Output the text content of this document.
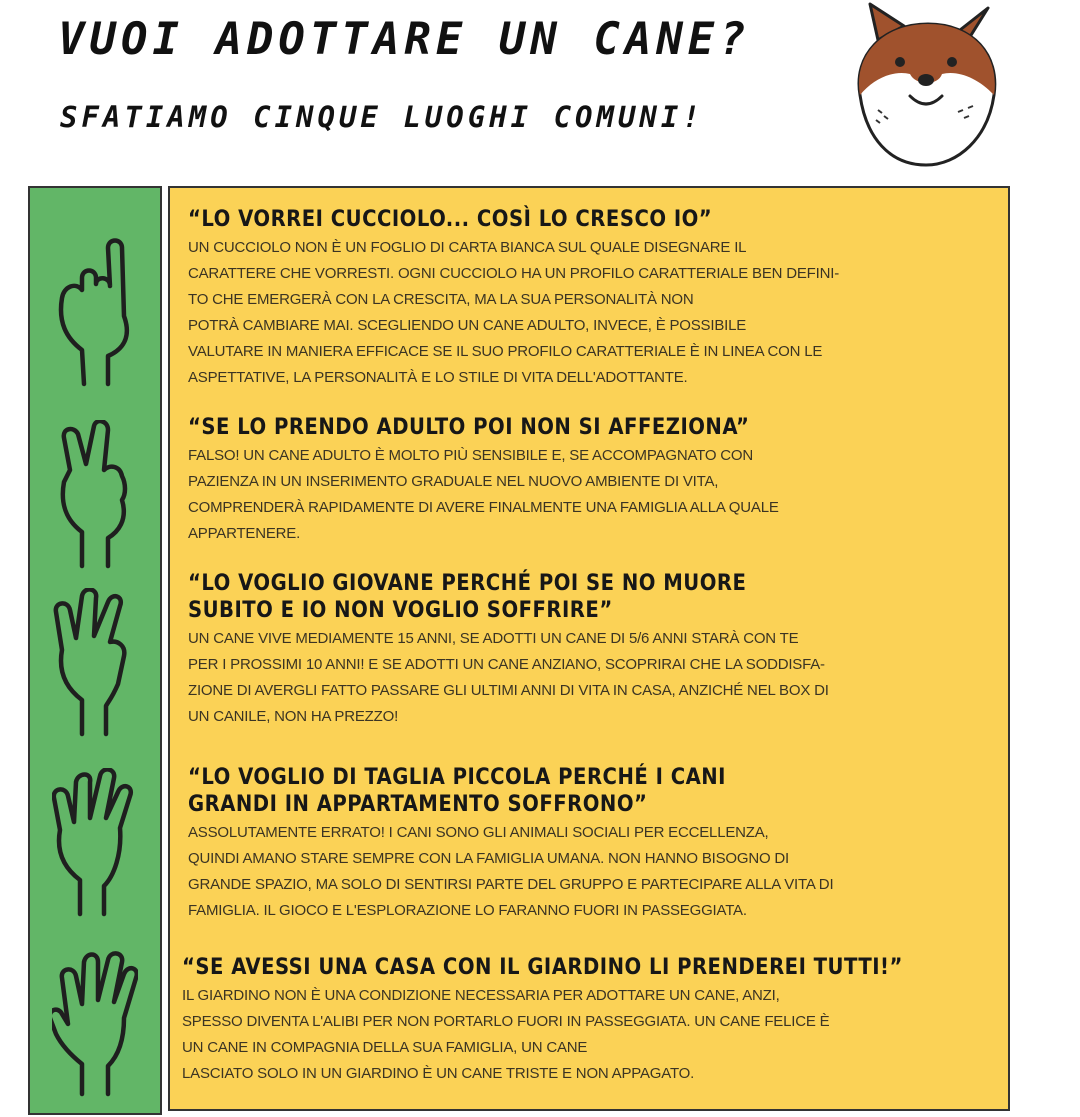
VUOI ADOTTARE UN CANE?
SFATIAMO CINQUE LUOGHI COMUNI!
“LO VORREI CUCCIOLO... COSÌ LO CRESCO IO”
UN CUCCIOLO NON È UN FOGLIO DI CARTA BIANCA SUL QUALE DISEGNARE IL
CARATTERE CHE VORRESTI. OGNI CUCCIOLO HA UN PROFILO CARATTERIALE BEN DEFINI-
TO CHE EMERGERÀ CON LA CRESCITA, MA LA SUA PERSONALITÀ NON
POTRÀ CAMBIARE MAI. SCEGLIENDO UN CANE ADULTO, INVECE, È POSSIBILE
VALUTARE IN MANIERA EFFICACE SE IL SUO PROFILO CARATTERIALE È IN LINEA CON LE
ASPETTATIVE, LA PERSONALITÀ E LO STILE DI VITA DELL'ADOTTANTE.
“SE LO PRENDO ADULTO POI NON SI AFFEZIONA”
FALSO! UN CANE ADULTO È MOLTO PIÙ SENSIBILE E, SE ACCOMPAGNATO CON
PAZIENZA IN UN INSERIMENTO GRADUALE NEL NUOVO AMBIENTE DI VITA,
COMPRENDERÀ RAPIDAMENTE DI AVERE FINALMENTE UNA FAMIGLIA ALLA QUALE
APPARTENERE.
“LO VOGLIO GIOVANE PERCHÉ POI SE NO MUORE
SUBITO E IO NON VOGLIO SOFFRIRE”
UN CANE VIVE MEDIAMENTE 15 ANNI, SE ADOTTI UN CANE DI 5/6 ANNI STARÀ CON TE
PER I PROSSIMI 10 ANNI! E SE ADOTTI UN CANE ANZIANO, SCOPRIRAI CHE LA SODDISFA-
ZIONE DI AVERGLI FATTO PASSARE GLI ULTIMI ANNI DI VITA IN CASA, ANZICHÉ NEL BOX DI
UN CANILE, NON HA PREZZO!
“LO VOGLIO DI TAGLIA PICCOLA PERCHÉ I CANI
GRANDI IN APPARTAMENTO SOFFRONO”
ASSOLUTAMENTE ERRATO! I CANI SONO GLI ANIMALI SOCIALI PER ECCELLENZA,
QUINDI AMANO STARE SEMPRE CON LA FAMIGLIA UMANA. NON HANNO BISOGNO DI
GRANDE SPAZIO, MA SOLO DI SENTIRSI PARTE DEL GRUPPO E PARTECIPARE ALLA VITA DI
FAMIGLIA. IL GIOCO E L'ESPLORAZIONE LO FARANNO FUORI IN PASSEGGIATA.
“SE AVESSI UNA CASA CON IL GIARDINO LI PRENDEREI TUTTI!”
IL GIARDINO NON È UNA CONDIZIONE NECESSARIA PER ADOTTARE UN CANE, ANZI,
SPESSO DIVENTA L'ALIBI PER NON PORTARLO FUORI IN PASSEGGIATA. UN CANE FELICE È
UN CANE IN COMPAGNIA DELLA SUA FAMIGLIA, UN CANE
LASCIATO SOLO IN UN GIARDINO È UN CANE TRISTE E NON APPAGATO.
